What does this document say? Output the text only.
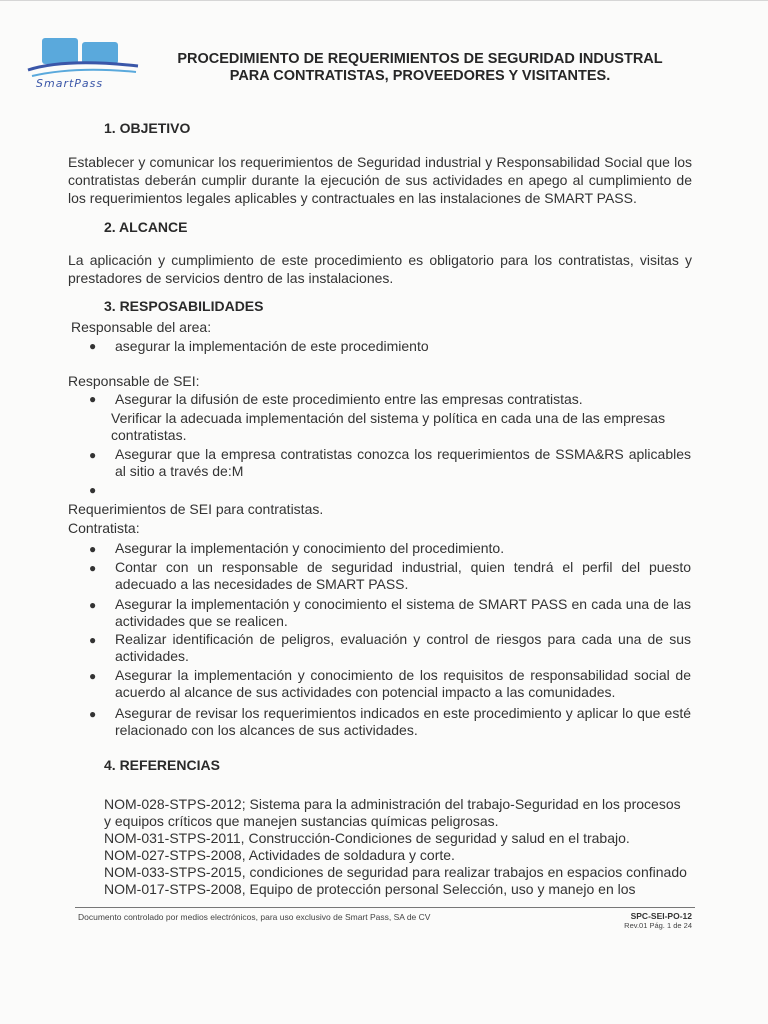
SmartPass
PROCEDIMIENTO DE REQUERIMIENTOS DE SEGURIDAD INDUSTRAL
PARA CONTRATISTAS, PROVEEDORES Y VISITANTES.
1. OBJETIVO

Establecer y comunicar los requerimientos de Seguridad industrial y Responsabilidad Social que los contratistas deberán cumplir durante la ejecución de sus actividades en apego al cumplimiento de los requerimientos legales aplicables y contractuales en las instalaciones de SMART PASS.

2. ALCANCE

La aplicación y cumplimiento de este procedimiento es obligatorio para los contratistas, visitas y prestadores de servicios dentro de las instalaciones.

3. RESPOSABILIDADES
Responsable del area:
● asegurar la implementación de este procedimiento
Responsable de SEI:
● Asegurar la difusión de este procedimiento entre las empresas contratistas.
Verificar la adecuada implementación del sistema y política en cada una de las empresas contratistas.
● Asegurar que la empresa contratistas conozca los requerimientos de SSMA&RS aplicables al sitio a través de:M
●
Requerimientos de SEI para contratistas.
Contratista:
● Asegurar la implementación y conocimiento del procedimiento.
● Contar con un responsable de seguridad industrial, quien tendrá el perfil del puesto adecuado a las necesidades de SMART PASS.
● Asegurar la implementación y conocimiento el sistema de SMART PASS en cada una de las actividades que se realicen.
● Realizar identificación de peligros, evaluación y control de riesgos para cada una de sus actividades.
● Asegurar la implementación y conocimiento de los requisitos de responsabilidad social de acuerdo al alcance de sus actividades con potencial impacto a las comunidades.
● Asegurar de revisar los requerimientos indicados en este procedimiento y aplicar lo que esté relacionado con los alcances de sus actividades.
4. REFERENCIAS
NOM-028-STPS-2012; Sistema para la administración del trabajo-Seguridad en los procesos
y equipos críticos que manejen sustancias químicas peligrosas.
NOM-031-STPS-2011, Construcción-Condiciones de seguridad y salud en el trabajo.
NOM-027-STPS-2008, Actividades de soldadura y corte.
NOM-033-STPS-2015, condiciones de seguridad para realizar trabajos en espacios confinado
NOM-017-STPS-2008, Equipo de protección personal Selección, uso y manejo en los
Documento controlado por medios electrónicos, para uso exclusivo de Smart Pass, SA de CV	SPC-SEI-PO-12
Rev.01 Pág. 1 de 24
